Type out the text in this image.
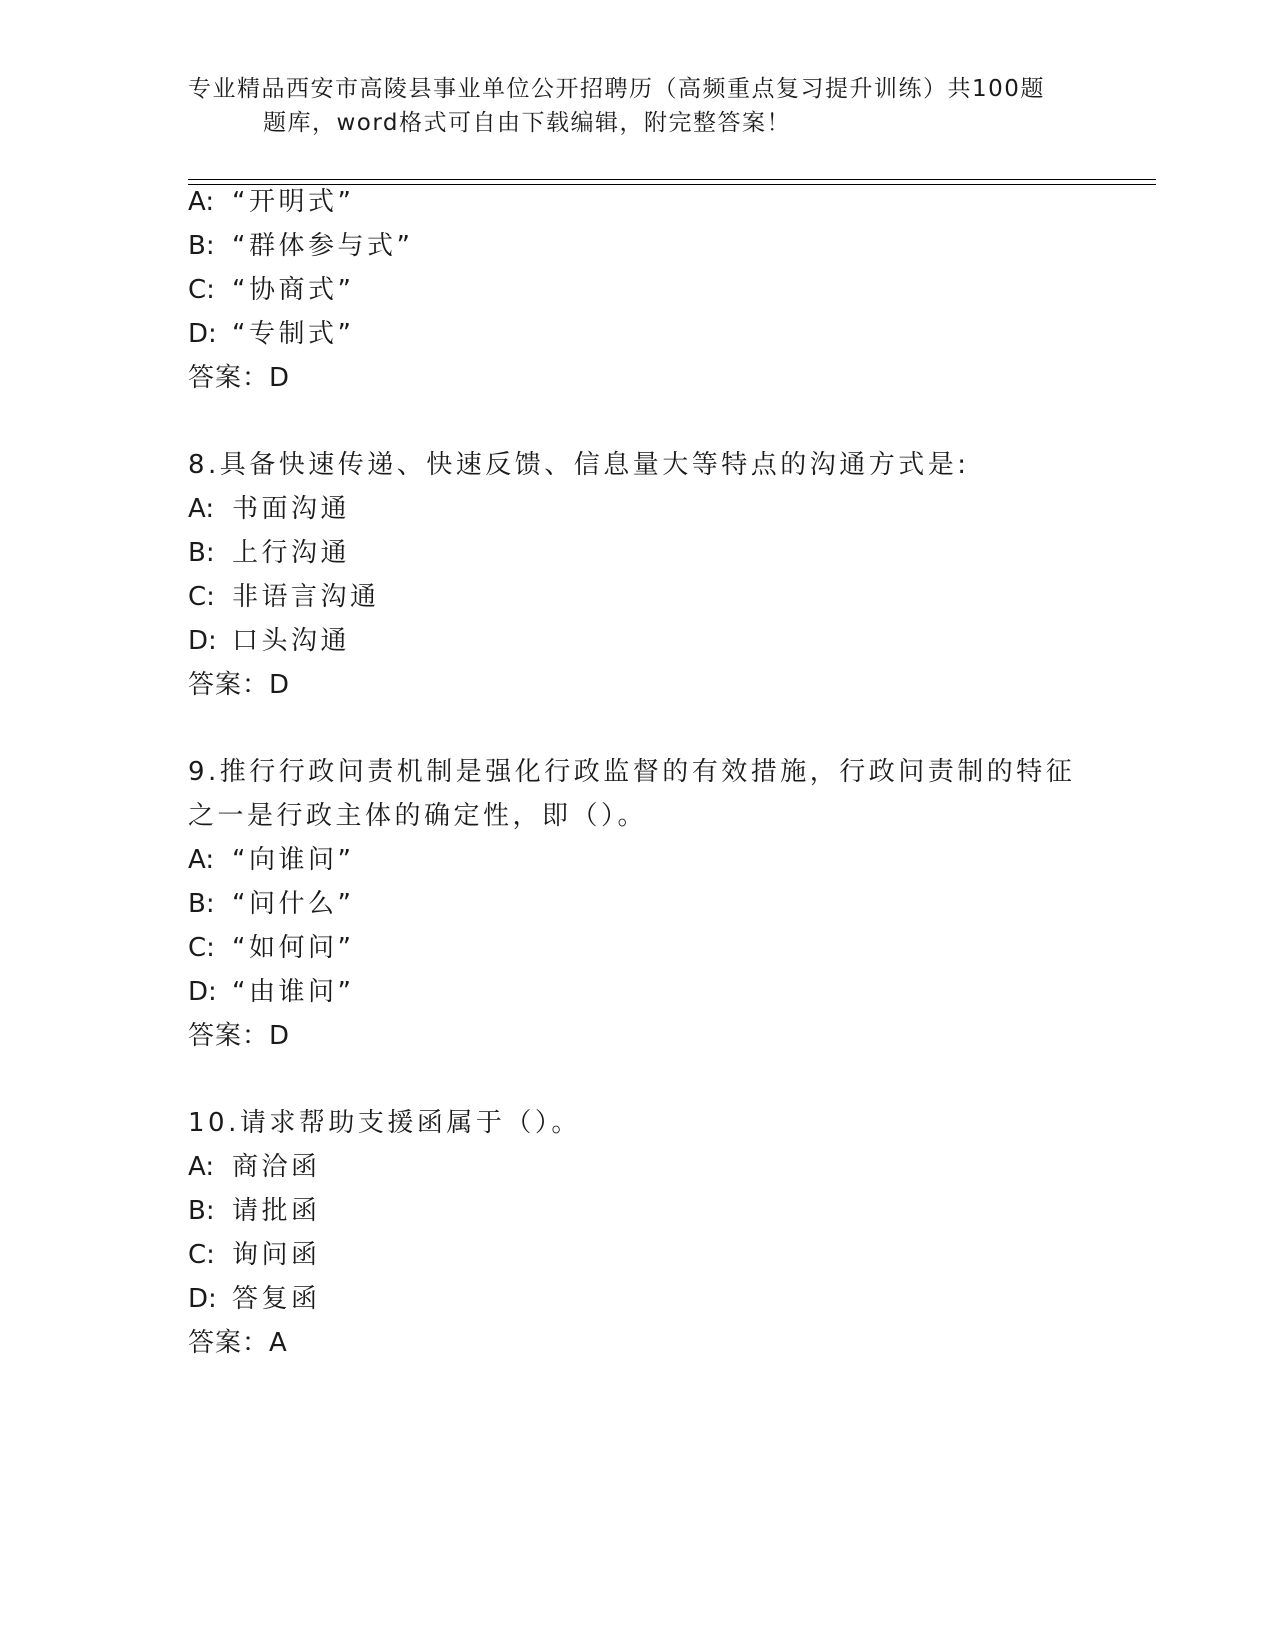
专业精品西安市高陵县事业单位公开招聘历（高频重点复习提升训练）共100题
题库，word格式可自由下载编辑，附完整答案！
A: “开明式”
B: “群体参与式”
C: “协商式”
D: “专制式”
答案：D
8.具备快速传递、快速反馈、信息量大等特点的沟通方式是:
A: 书面沟通
B: 上行沟通
C: 非语言沟通
D: 口头沟通
答案：D
9.推行行政问责机制是强化行政监督的有效措施，行政问责制的特征
之一是行政主体的确定性，即（）。
A: “向谁问”
B: “问什么”
C: “如何问”
D: “由谁问”
答案：D
10.请求帮助支援函属于（）。
A: 商洽函
B: 请批函
C: 询问函
D: 答复函
答案：A
